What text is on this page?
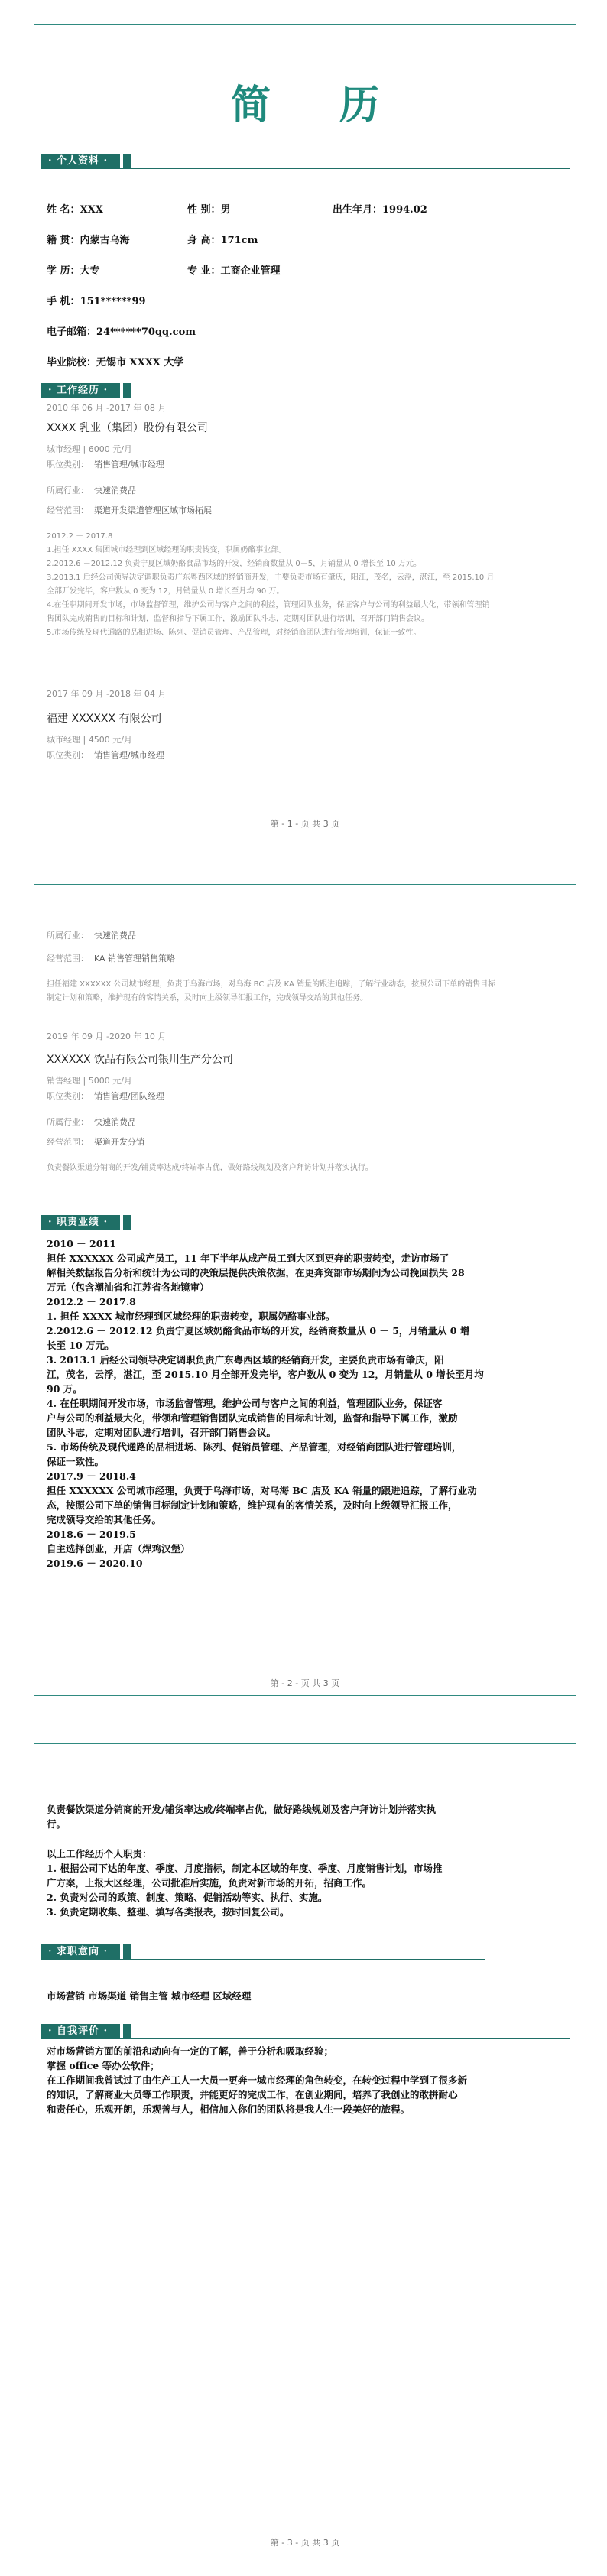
简 历
· 个人资料 ·
姓 名：XXX	性 别：男	出生年月：1994.02
籍 贯：内蒙古乌海	身 高：171cm
学 历：大专	专 业：工商企业管理
手 机：151******99
电子邮箱：24******70qq.com
毕业院校：无锡市 XXXX 大学
· 工作经历 ·
2010 年 06 月 -2017 年 08 月
XXXX 乳业（集团）股份有限公司
城市经理 | 6000 元/月
职位类别： 销售管理/城市经理
所属行业： 快速消费品
经营范围： 渠道开发渠道管理区域市场拓展
2012.2 － 2017.8
1.担任 XXXX 集团城市经理到区域经理的职责转变，职属奶酪事业部。
2.2012.6 －2012.12 负责宁夏区域奶酪食品市场的开发，经销商数量从 0－5，月销量从 0 增长至 10 万元。
3.2013.1 后经公司领导决定调职负责广东粤西区域的经销商开发，主要负责市场有肇庆，阳江，茂名，云浮，湛江，至 2015.10 月
全部开发完毕，客户数从 0 变为 12，月销量从 0 增长至月均 90 万。
4.在任职期间开发市场，市场监督管理，维护公司与客户之间的利益，管理团队业务，保证客户与公司的利益最大化，带领和管理销
售团队完成销售的目标和计划，监督和指导下属工作，激励团队斗志，定期对团队进行培训，召开部门销售会议。
5.市场传统及现代通路的品相进场、陈列、促销员管理、产品管理，对经销商团队进行管理培训，保证一致性。
2017 年 09 月 -2018 年 04 月
福建 XXXXXX 有限公司
城市经理 | 4500 元/月
职位类别： 销售管理/城市经理
第 - 1 - 页 共 3 页
所属行业： 快速消费品
经营范围： KA 销售管理销售策略
担任福建 XXXXXX 公司城市经理，负责于乌海市场，对乌海 BC 店及 KA 销量的跟进追踪，了解行业动态，按照公司下单的销售目标
制定计划和策略，维护现有的客情关系，及时向上级领导汇报工作，完成领导交给的其他任务。
2019 年 09 月 -2020 年 10 月
XXXXXX 饮品有限公司银川生产分公司
销售经理 | 5000 元/月
职位类别： 销售管理/团队经理
所属行业： 快速消费品
经营范围： 渠道开发分销
负责餐饮渠道分销商的开发/铺货率达成/终端率占优，做好路线规划及客户拜访计划并落实执行。
· 职责业绩 ·
2010 － 2011
担任 XXXXXX 公司成产员工，11 年下半年从成产员工到大区到更奔的职责转变，走访市场了
解相关数据报告分析和统计为公司的决策层提供决策依据，在更奔资部市场期间为公司挽回损失 28
万元（包含潮汕省和江苏省各地镜审）
2012.2 － 2017.8
1. 担任 XXXX 城市经理到区域经理的职责转变，职属奶酪事业部。
2.2012.6 － 2012.12 负责宁夏区域奶酪食品市场的开发，经销商数量从 0 － 5，月销量从 0 增
长至 10 万元。
3. 2013.1 后经公司领导决定调职负责广东粤西区域的经销商开发，主要负责市场有肇庆，阳
江，茂名，云浮，湛江，至 2015.10 月全部开发完毕，客户数从 0 变为 12，月销量从 0 增长至月均
90 万。
4. 在任职期间开发市场，市场监督管理，维护公司与客户之间的利益，管理团队业务，保证客
户与公司的利益最大化，带领和管理销售团队完成销售的目标和计划，监督和指导下属工作，激励
团队斗志，定期对团队进行培训，召开部门销售会议。
5. 市场传统及现代通路的品相进场、陈列、促销员管理、产品管理，对经销商团队进行管理培训，
保证一致性。
2017.9 － 2018.4
担任 XXXXXX 公司城市经理，负责于乌海市场，对乌海 BC 店及 KA 销量的跟进追踪，了解行业动
态，按照公司下单的销售目标制定计划和策略，维护现有的客情关系，及时向上级领导汇报工作，
完成领导交给的其他任务。
2018.6 － 2019.5
自主选择创业，开店（焊鸡汉堡）
2019.6 － 2020.10
第 - 2 - 页 共 3 页
负责餐饮渠道分销商的开发/铺货率达成/终端率占优，做好路线规划及客户拜访计划并落实执
行。
以上工作经历个人职责：
1. 根据公司下达的年度、季度、月度指标，制定本区域的年度、季度、月度销售计划，市场推
广方案，上报大区经理，公司批准后实施，负责对新市场的开拓，招商工作。
2. 负责对公司的政策、制度、策略、促销活动等实、执行、实施。
3. 负责定期收集、整理、填写各类报表，按时回复公司。
· 求职意向 ·
市场营销 市场渠道 销售主管 城市经理 区域经理
· 自我评价 ·
对市场营销方面的前沿和动向有一定的了解，善于分析和吸取经验；
掌握 office 等办公软件；
在工作期间我曾试过了由生产工人一大员一更奔一城市经理的角色转变，在转变过程中学到了很多新
的知识，了解商业大员等工作职责，并能更好的完成工作，在创业期间，培养了我创业的敢拼耐心
和责任心，乐观开朗，乐观善与人，相信加入你们的团队将是我人生一段美好的旅程。
第 - 3 - 页 共 3 页
